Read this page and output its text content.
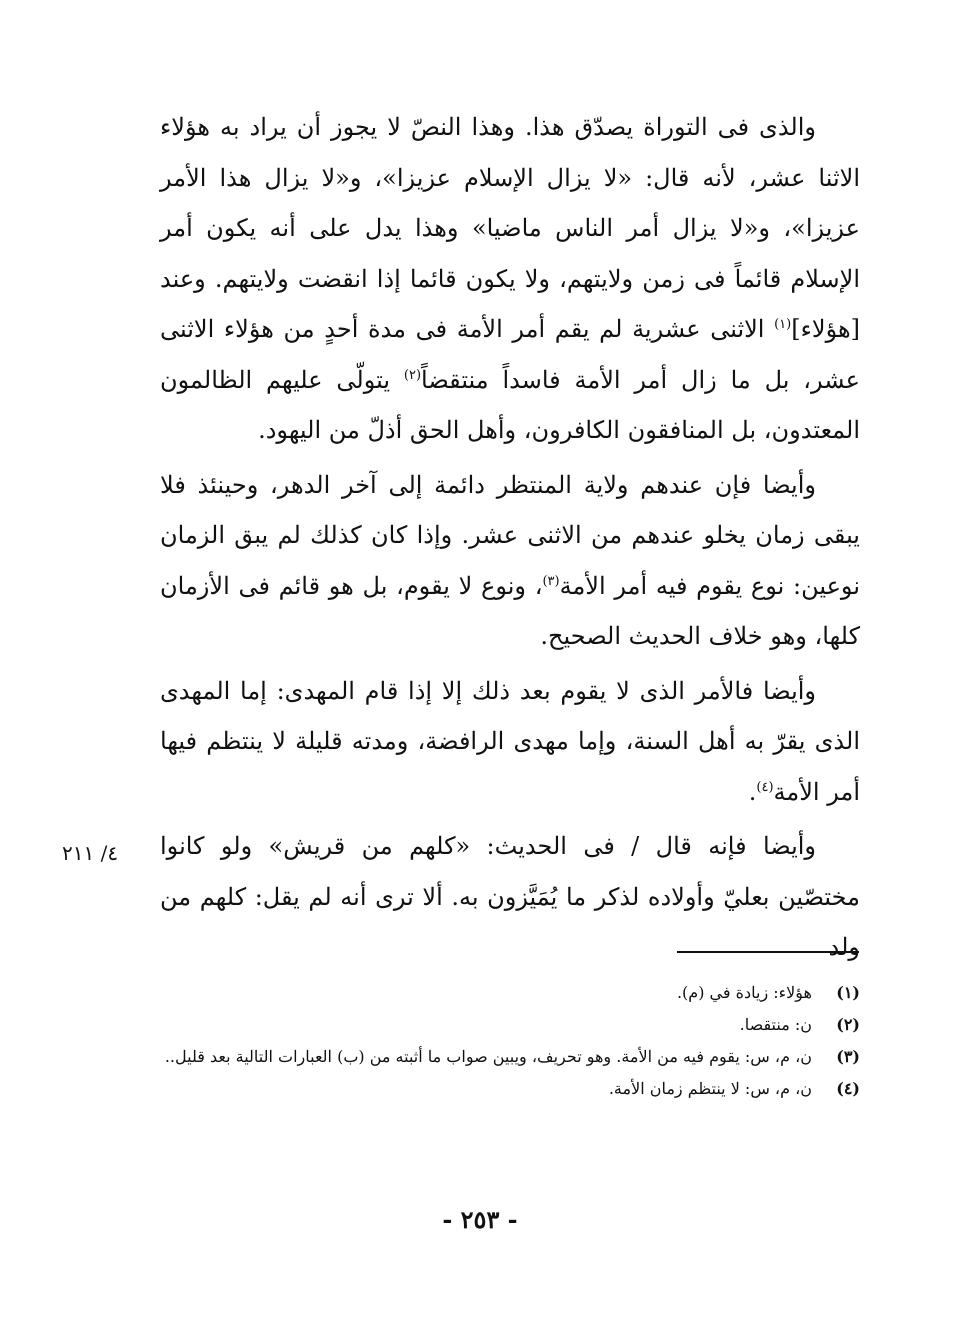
والذى فى التوراة يصدّق هذا. وهذا النصّ لا يجوز أن يراد به هؤلاء الاثنا عشر، لأنه قال: «لا يزال الإسلام عزيزا»، و«لا يزال هذا الأمر عزيزا»، و«لا يزال أمر الناس ماضيا» وهذا يدل على أنه يكون أمر الإسلام قائماً فى زمن ولايتهم، ولا يكون قائما إذا انقضت ولايتهم. وعند [هؤلاء]$^{(١)}$ الاثنى عشرية لم يقم أمر الأمة فى مدة أحدٍ من هؤلاء الاثنى عشر، بل ما زال أمر الأمة فاسداً منتقضاً$^{(٢)}$ يتولّى عليهم الظالمون المعتدون، بل المنافقون الكافرون، وأهل الحق أذلّ من اليهود.

وأيضا فإن عندهم ولاية المنتظر دائمة إلى آخر الدهر، وحينئذ فلا يبقى زمان يخلو عندهم من الاثنى عشر. وإذا كان كذلك لم يبق الزمان نوعين: نوع يقوم فيه أمر الأمة$^{(٣)}$، ونوع لا يقوم، بل هو قائم فى الأزمان كلها، وهو خلاف الحديث الصحيح.

وأيضا فالأمر الذى لا يقوم بعد ذلك إلا إذا قام المهدى: إما المهدى الذى يقرّ به أهل السنة، وإما مهدى الرافضة، ومدته قليلة لا ينتظم فيها أمر الأمة$^{(٤)}$.

وأيضا فإنه قال / فى الحديث: «كلهم من قريش» ولو كانوا مختصّين بعليّ وأولاده لذكر ما يُمَيَّزون به. ألا ترى أنه لم يقل: كلهم من ولد

٤/ ٢١١
(١)
هؤلاء: زيادة في (م).
(٢)
ن: منتقصا.
(٣)
ن، م، س: يقوم فيه من الأمة. وهو تحريف، ويبين صواب ما أثبته من (ب) العبارات التالية بعد قليل..
(٤)
ن، م، س: لا ينتظم زمان الأمة.
- ٢٥٣ -
